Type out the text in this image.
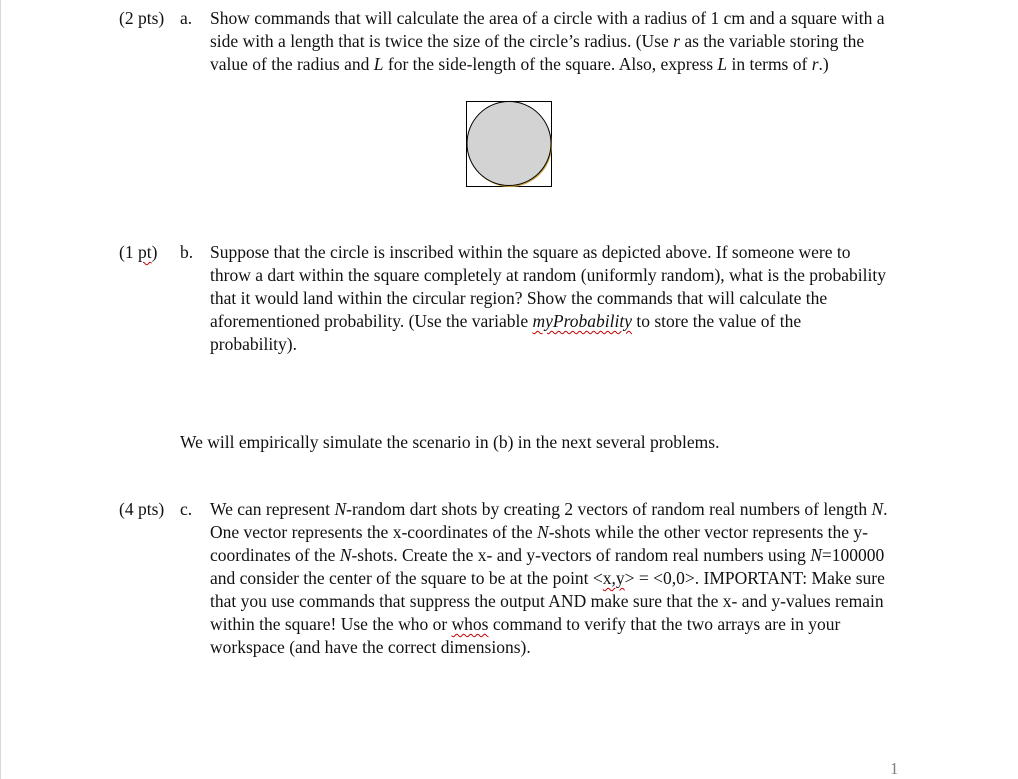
(2 pts) a. Show commands that will calculate the area of a circle with a radius of 1 cm and a square with a side with a length that is twice the size of the circle’s radius. (Use r as the variable storing the value of the radius and L for the side-length of the square. Also, express L in terms of r.)
(1 pt) b. Suppose that the circle is inscribed within the square as depicted above. If someone were to throw a dart within the square completely at random (uniformly random), what is the probability that it would land within the circular region? Show the commands that will calculate the aforementioned probability. (Use the variable myProbability to store the value of the probability).
We will empirically simulate the scenario in (b) in the next several problems.
(4 pts) c. We can represent N-random dart shots by creating 2 vectors of random real numbers of length N. One vector represents the x-coordinates of the N-shots while the other vector represents the y-coordinates of the N-shots. Create the x- and y-vectors of random real numbers using N=100000 and consider the center of the square to be at the point <x,y> = <0,0>. IMPORTANT: Make sure that you use commands that suppress the output AND make sure that the x- and y-values remain within the square! Use the who or whos command to verify that the two arrays are in your workspace (and have the correct dimensions).
1
